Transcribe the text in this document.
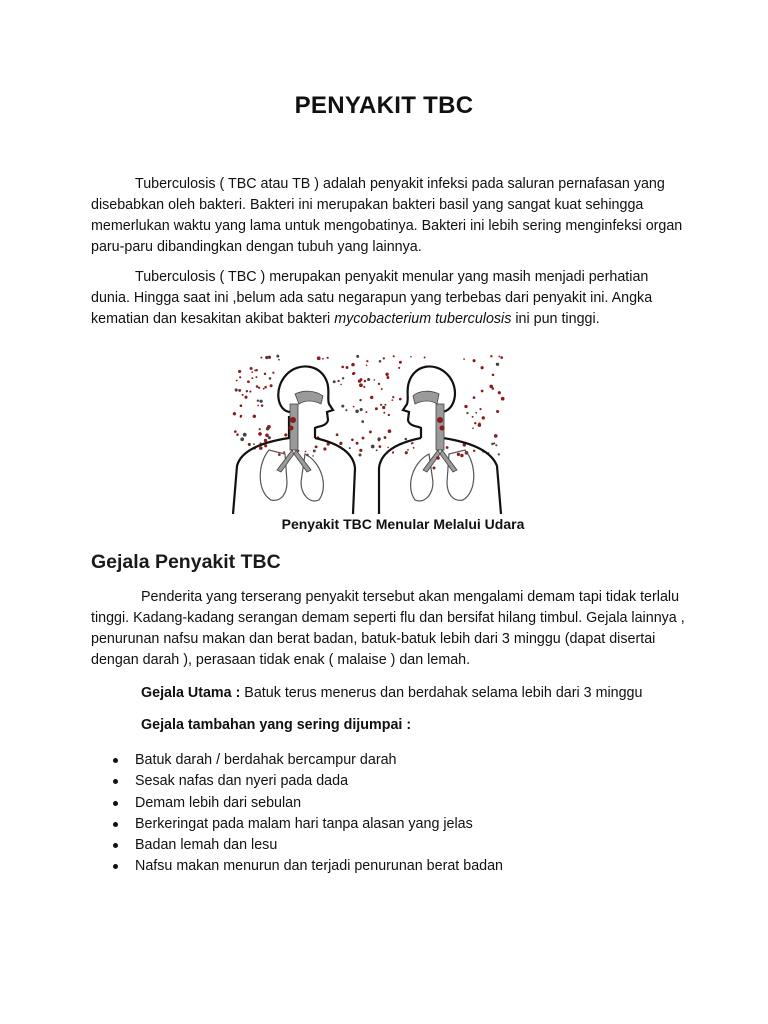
PENYAKIT TBC

Tuberculosis ( TBC atau TB ) adalah penyakit infeksi pada saluran pernafasan yang disebabkan oleh bakteri. Bakteri ini merupakan bakteri basil yang sangat kuat sehingga memerlukan waktu yang lama untuk mengobatinya. Bakteri ini lebih sering menginfeksi organ paru-paru dibandingkan dengan tubuh yang lainnya.

Tuberculosis ( TBC ) merupakan penyakit menular yang masih menjadi perhatian dunia. Hingga saat ini ,belum ada satu negarapun yang terbebas dari penyakit ini. Angka kematian dan kesakitan akibat bakteri mycobacterium tuberculosis ini pun tinggi.

Penyakit TBC Menular Melalui Udara
Gejala Penyakit TBC

Penderita yang terserang penyakit tersebut akan mengalami demam tapi tidak terlalu tinggi. Kadang-kadang serangan demam seperti flu dan bersifat hilang timbul. Gejala lainnya , penurunan nafsu makan dan berat badan, batuk-batuk lebih dari 3 minggu (dapat disertai dengan darah ), perasaan tidak enak ( malaise ) dan lemah.

Gejala Utama : Batuk terus menerus dan berdahak selama lebih dari 3 minggu
Gejala tambahan yang sering dijumpai :
Batuk darah / berdahak bercampur darah
Sesak nafas dan nyeri pada dada
Demam lebih dari sebulan
Berkeringat pada malam hari tanpa alasan yang jelas
Badan lemah dan lesu
Nafsu makan menurun dan terjadi penurunan berat badan
